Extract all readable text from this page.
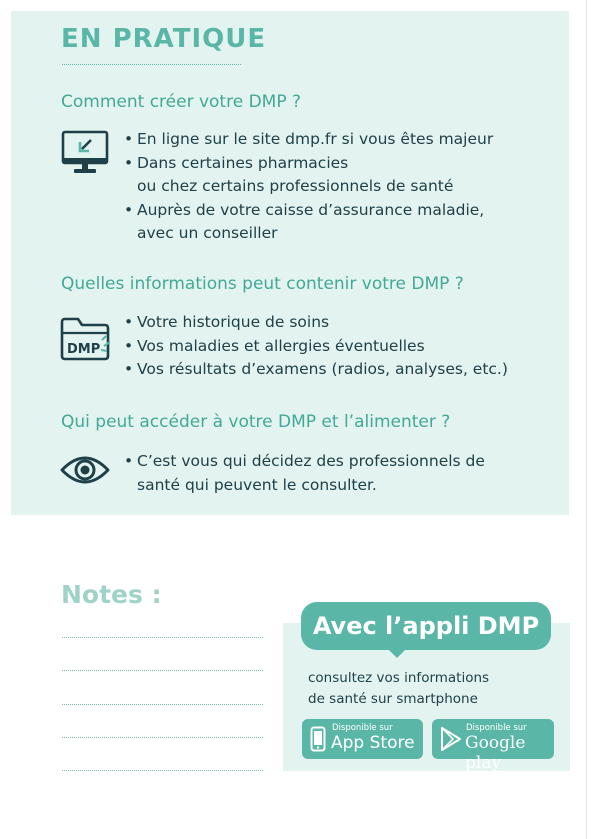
EN PRATIQUE
Comment créer votre DMP ?
• En ligne sur le site dmp.fr si vous êtes majeur
• Dans certaines pharmacies
ou chez certains professionnels de santé
• Auprès de votre caisse d’assurance maladie,
avec un conseiller
Quelles informations peut contenir votre DMP ?
DMP
• Votre historique de soins
• Vos maladies et allergies éventuelles
• Vos résultats d’examens (radios, analyses, etc.)
Qui peut accéder à votre DMP et l’alimenter ?
• C’est vous qui décidez des professionnels de
santé qui peuvent le consulter.
Notes :
Avec l’appli DMP
consultez vos informations
de santé sur smartphone
Disponible sur
App Store
Disponible sur
Google play
